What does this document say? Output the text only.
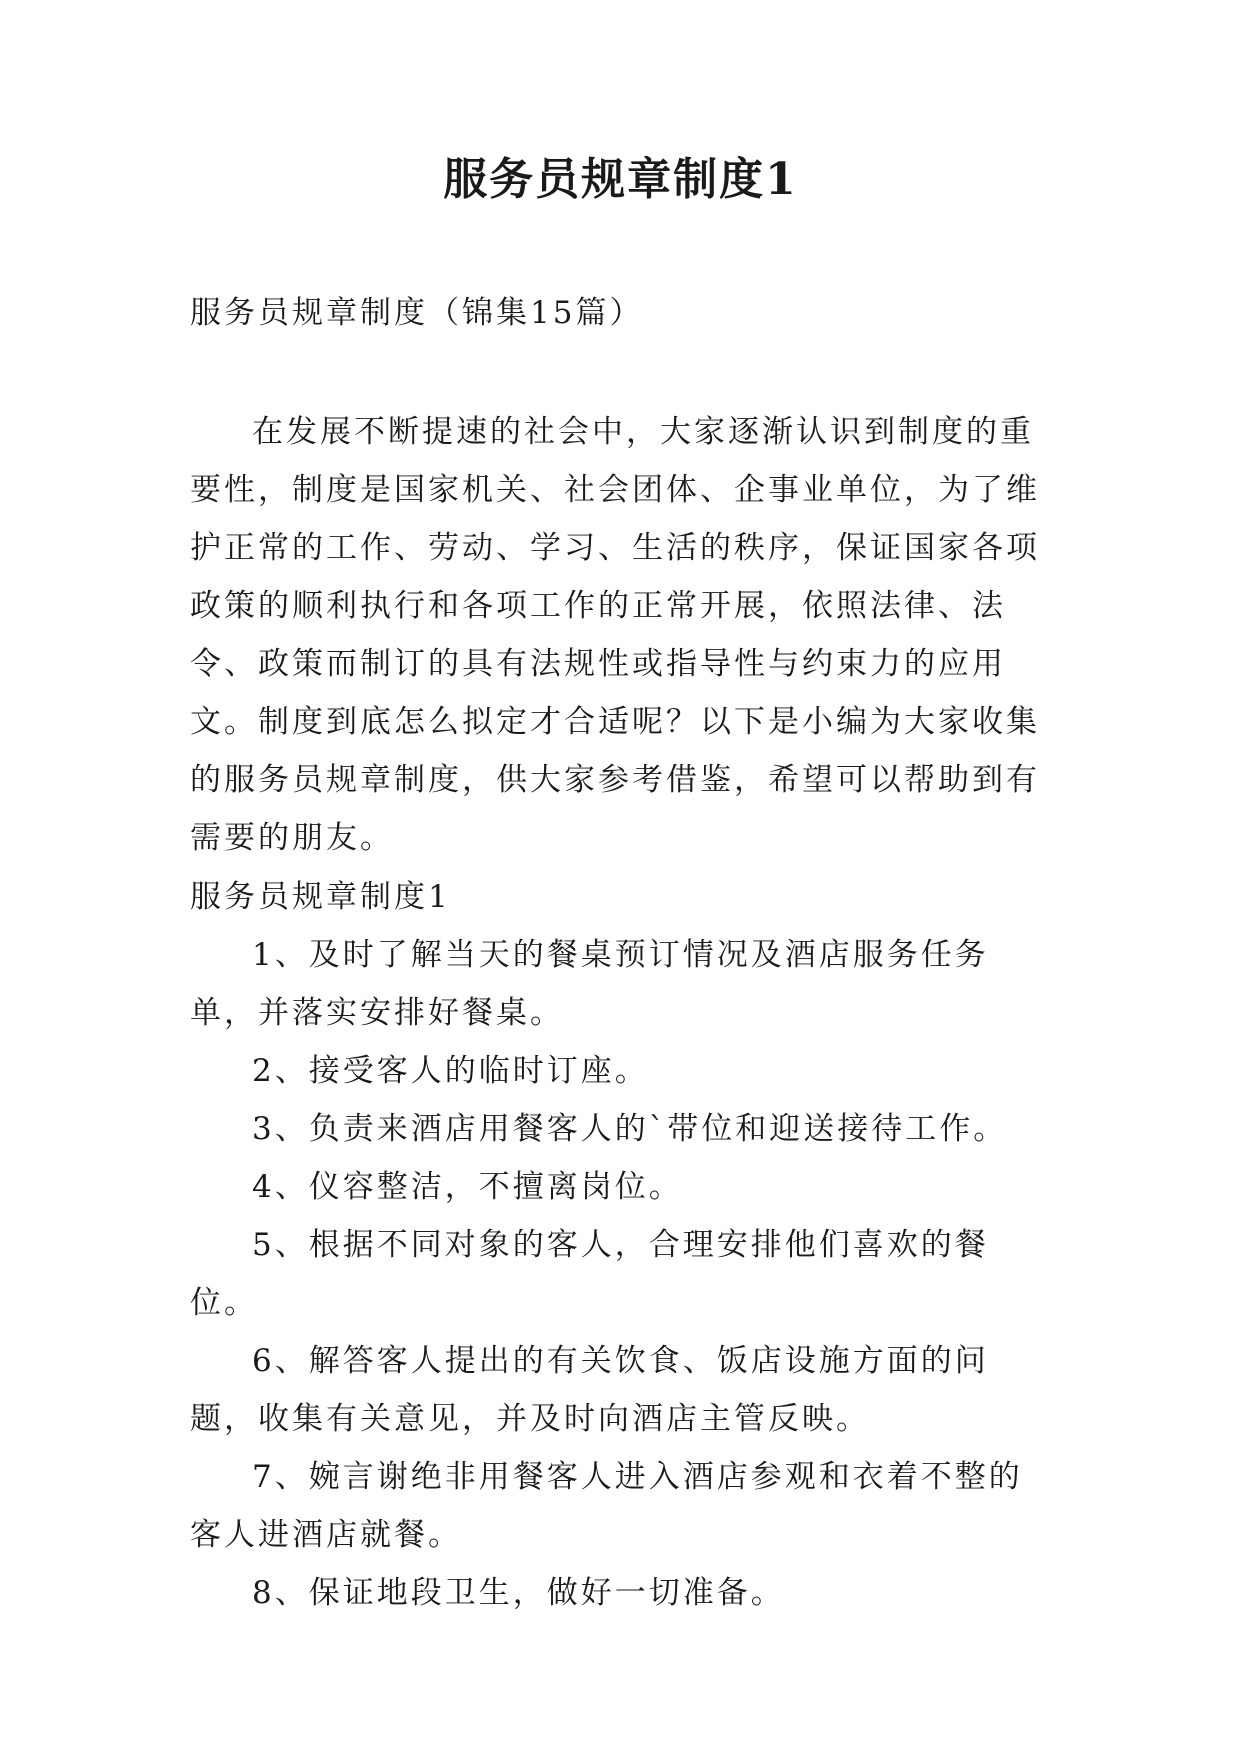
服务员规章制度1
服务员规章制度（锦集15篇）

在发展不断提速的社会中，大家逐渐认识到制度的重要性，制度是国家机关、社会团体、企事业单位，为了维护正常的工作、劳动、学习、生活的秩序，保证国家各项政策的顺利执行和各项工作的正常开展，依照法律、法令、政策而制订的具有法规性或指导性与约束力的应用文。制度到底怎么拟定才合适呢？以下是小编为大家收集的服务员规章制度，供大家参考借鉴，希望可以帮助到有需要的朋友。

服务员规章制度1

1、及时了解当天的餐桌预订情况及酒店服务任务单，并落实安排好餐桌。

2、接受客人的临时订座。

3、负责来酒店用餐客人的`带位和迎送接待工作。

4、仪容整洁，不擅离岗位。

5、根据不同对象的客人，合理安排他们喜欢的餐位。

6、解答客人提出的有关饮食、饭店设施方面的问题，收集有关意见，并及时向酒店主管反映。

7、婉言谢绝非用餐客人进入酒店参观和衣着不整的客人进酒店就餐。

8、保证地段卫生，做好一切准备。
